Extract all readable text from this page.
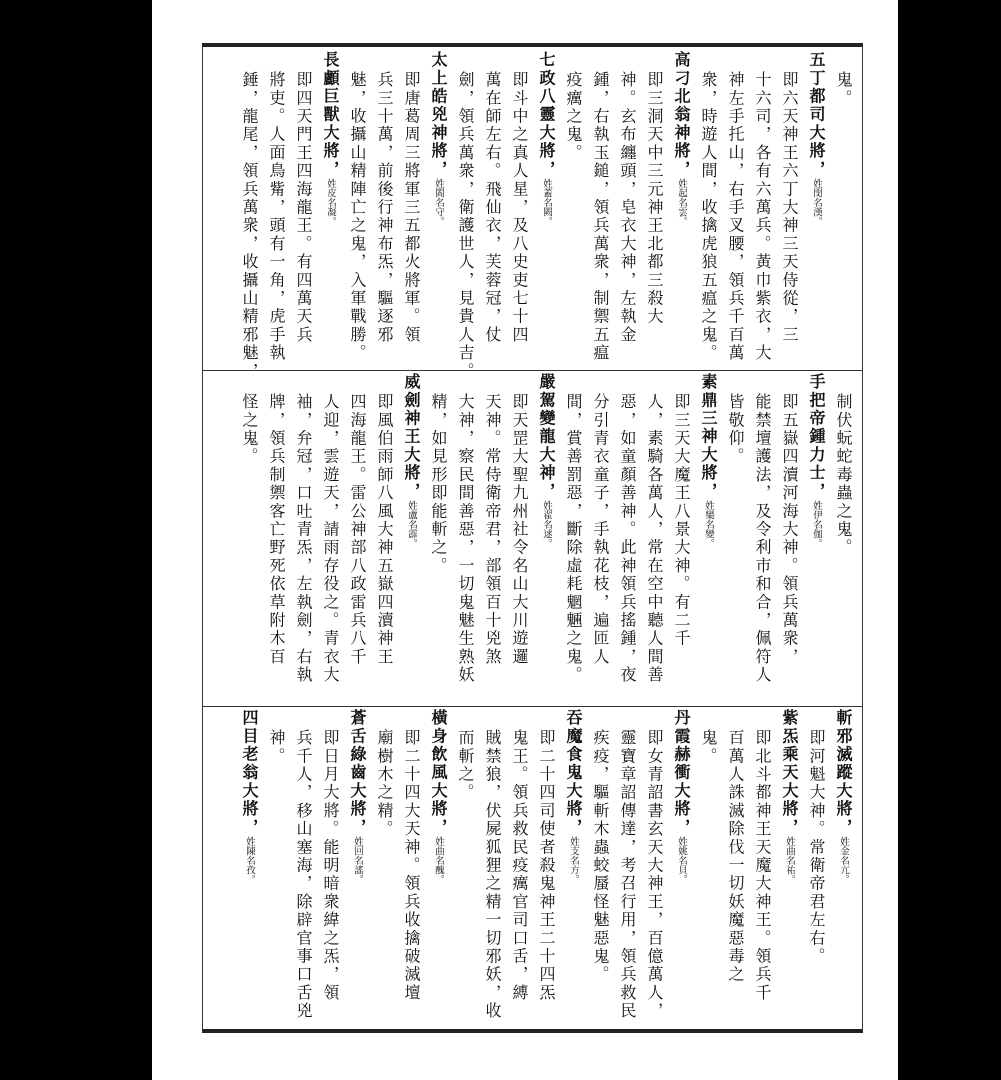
鬼。
五丁都司大將，姓閔名漢。
即六天神王六丁大神三天侍從，三
十六司，各有六萬兵。黃巾紫衣，大
神左手托山，右手叉腰，領兵千百萬
衆，時遊人間，收擒虎狼五瘟之鬼。
高刁北翁神將，姓起名雲。
即三洞天中三元神王北都三殺大
神。玄布纏頭，皂衣大神，左執金
鍾，右執玉鎚，領兵萬衆，制禦五瘟
疫癘之鬼。
七政八靈大將，姓蓋名闕。
即斗中之真人星，及八史吏七十四
萬在師左右。飛仙衣，芙蓉冠，仗
劍，領兵萬衆，衛護世人，見貴人吉。
太上皓兇神將，姓閻名守。
即唐葛周三將軍三五都火將軍。領
兵三十萬，前後行神布炁，驅逐邪
魅，收攝山精陣亡之鬼，入軍戰勝。
長顱巨獸大將，姓皮名凝。
即四天門王四海龍王。有四萬天兵
將吏。人面鳥觜，頭有一角，虎手執
錘，龍尾，領兵萬衆，收攝山精邪魅，
制伏蚖蛇毒蟲之鬼。
手把帝鍾力士，姓伊名伽。
即五嶽四瀆河海大神。領兵萬衆，
能禁壇護法，及令利市和合，佩符人
皆敬仰。
素鼎三神大將，姓欒名變。
即三天大魔王八景大神。有二千
人，素騎各萬人，常在空中聽人間善
惡，如童顏善神。此神領兵搖鍾，夜
分引青衣童子，手執花枝，遍匝人
間，賞善罰惡，斷除虛耗魍魎之鬼。
嚴駕變龍大神，姓翟名逑。
即天罡大聖九州社令名山大川遊邏
天神。常侍衛帝君，部領百十兇煞
大神，察民間善惡，一切鬼魅生熟妖
精，如見形即能斬之。
威劍神王大將，姓盧名霹。
即風伯雨師八風大神五嶽四瀆神王
四海龍王。雷公神部八政雷兵八千
人迎，雲遊天，請雨存役之。青衣大
袖，弁冠，口吐青炁，左執劍，右執
牌，領兵制禦客亡野死依草附木百
怪之鬼。
斬邪滅蹤大將，姓金名亢。
即河魁大神。常衛帝君左右。
紫炁乘天大將，姓曲名祐。
即北斗都神王天魔大神王。領兵千
百萬人誅滅除伐一切妖魔惡毒之
鬼。
丹霞赫衝大將，姓姚名貝。
即女青詔書玄天大神王，百億萬人，
靈寶章詔傳達，考召行用，領兵救民
疾疫，驅斬木蟲蛟蜃怪魅惡鬼。
吞魔食鬼大將，姓支名方。
即二十四司使者殺鬼神王二十四炁
鬼王。領兵救民疫癘官司口舌，縛
賊禁狼，伏屍狐狸之精一切邪妖，收
而斬之。
橫身飲風大將，姓曲名醜。
即二十四大天神。領兵收擒破滅壇
廟樹木之精。
蒼舌綠齒大將，姓回名謠。
即日月大將。能明暗衆緯之炁，領
兵千人，移山塞海，除辟官事口舌兇
神。
四目老翁大將，姓陳名孜。
